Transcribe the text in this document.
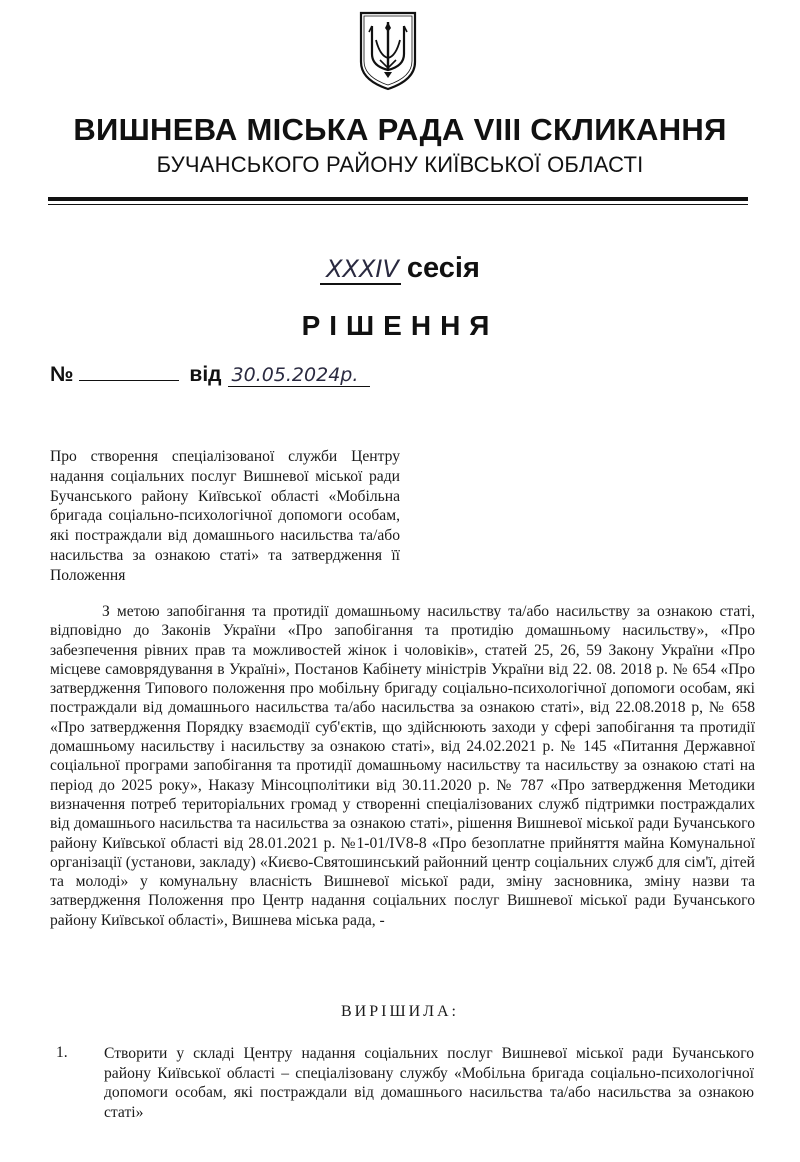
ВИШНЕВА МІСЬКА РАДА VIII СКЛИКАННЯ
БУЧАНСЬКОГО РАЙОНУ КИЇВСЬКОЇ ОБЛАСТІ
XXXIV сесія
РІШЕННЯ
№	від 30.05.2024р.
Про створення спеціалізованої служби Центру надання соціальних послуг Вишневої міської ради Бучанського району Київської області «Мобільна бригада соціально-психологічної допомоги особам, які постраждали від домашнього насильства та/або насильства за ознакою статі» та затвердження її Положення
З метою запобігання та протидії домашньому насильству та/або насильству за ознакою статі, відповідно до Законів України «Про запобігання та протидію домашньому насильству», «Про забезпечення рівних прав та можливостей жінок і чоловіків», статей 25, 26, 59 Закону України «Про місцеве самоврядування в Україні», Постанов Кабінету міністрів України від 22. 08. 2018 р. № 654 «Про затвердження Типового положення про мобільну бригаду соціально-психологічної допомоги особам, які постраждали від домашнього насильства та/або насильства за ознакою статі», від 22.08.2018 р, № 658 «Про затвердження Порядку взаємодії суб'єктів, що здійснюють заходи у сфері запобігання та протидії домашньому насильству і насильству за ознакою статі», від 24.02.2021 р. № 145 «Питання Державної соціальної програми запобігання та протидії домашньому насильству та насильству за ознакою статі на період до 2025 року», Наказу Мінсоцполітики від 30.11.2020 р. № 787 «Про затвердження Методики визначення потреб територіальних громад у створенні спеціалізованих служб підтримки постраждалих від домашнього насильства та насильства за ознакою статі», рішення Вишневої міської ради Бучанського району Київської області від 28.01.2021 р. №1-01/IV8-8 «Про безоплатне прийняття майна Комунальної організації (установи, закладу) «Києво-Святошинський районний центр соціальних служб для сім'ї, дітей та молоді» у комунальну власність Вишневої міської ради, зміну засновника, зміну назви та затвердження Положення про Центр надання соціальних послуг Вишневої міської ради Бучанського району Київської області», Вишнева міська рада, -
ВИРІШИЛА:
1. Створити у складі Центру надання соціальних послуг Вишневої міської ради Бучанського району Київської області – спеціалізовану службу «Мобільна бригада соціально-психологічної допомоги особам, які постраждали від домашнього насильства та/або насильства за ознакою статі»
